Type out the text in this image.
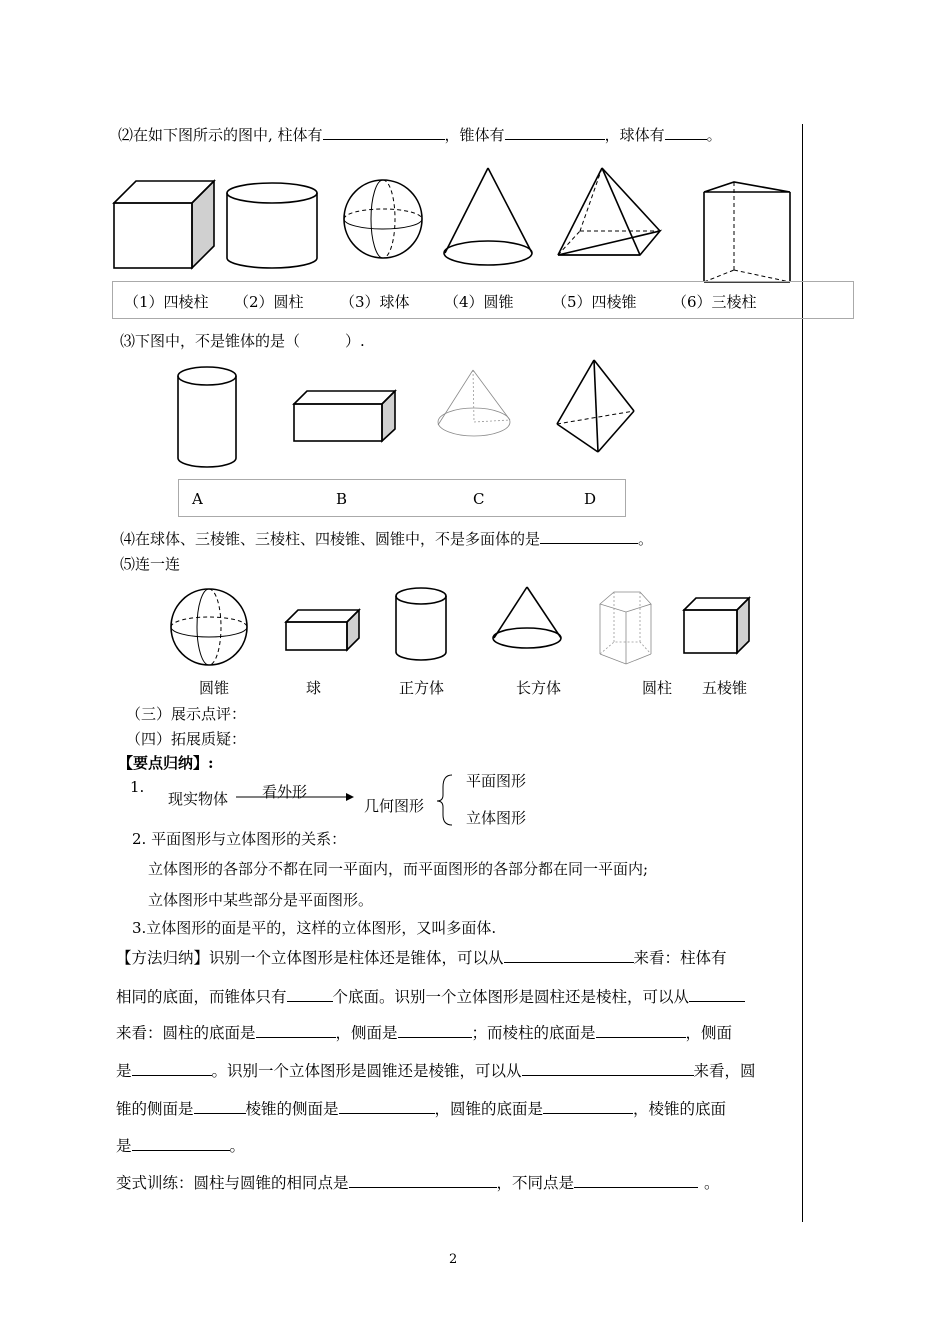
⑵在如下图所示的图中, 柱体有	，锥体有	，球体有	。
（1）四棱柱 （2）圆柱 （3）球体 （4）圆锥	（5）四棱锥 （6）三棱柱
⑶下图中，不是锥体的是（　　　）.
A	B	C	D
⑷在球体、三棱锥、三棱柱、四棱锥、圆锥中，不是多面体的是	。
⑸连一连
圆锥	球	正方体	长方体	圆柱 五棱锥
（三）展示点评：
（四）拓展质疑：
【要点归纳】:
1.
现实物体 看外形
几何图形
平面图形
立体图形
2. 平面图形与立体图形的关系：
立体图形的各部分不都在同一平面内，而平面图形的各部分都在同一平面内;
立体图形中某些部分是平面图形。
3.立体图形的面是平的，这样的立体图形，又叫多面体.
【方法归纳】识别一个立体图形是柱体还是锥体，可以从	来看：柱体有
相同的底面，而锥体只有	个底面。识别一个立体图形是圆柱还是棱柱，可以从
来看：圆柱的底面是	，侧面是	；而棱柱的底面是	，侧面
是	。识别一个立体图形是圆锥还是棱锥，可以从	来看，圆
锥的侧面是	棱锥的侧面是	，圆锥的底面是	，棱锥的底面
是	。
变式训练：圆柱与圆锥的相同点是	，不同点是	。
2
